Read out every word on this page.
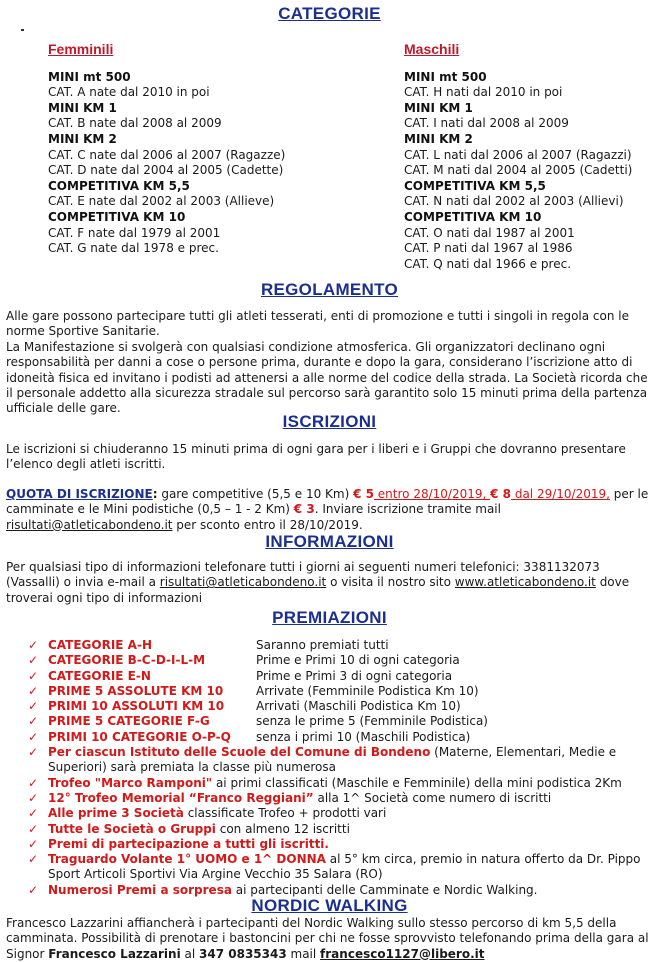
CATEGORIE
Femminili
MINI mt 500
CAT. A nate dal 2010 in poi
MINI KM 1
CAT. B nate dal 2008 al 2009
MINI KM 2
CAT. C nate dal 2006 al 2007 (Ragazze)
CAT. D nate dal 2004 al 2005 (Cadette)
COMPETITIVA KM 5,5
CAT. E nate dal 2002 al 2003 (Allieve)
COMPETITIVA KM 10
CAT. F nate dal 1979 al 2001
CAT. G nate dal 1978 e prec.
Maschili
MINI mt 500
CAT. H nati dal 2010 in poi
MINI KM 1
CAT. I nati dal 2008 al 2009
MINI KM 2
CAT. L nati dal 2006 al 2007 (Ragazzi)
CAT. M nati dal 2004 al 2005 (Cadetti)
COMPETITIVA KM 5,5
CAT. N nati dal 2002 al 2003 (Allievi)
COMPETITIVA KM 10
CAT. O nati dal 1987 al 2001
CAT. P nati dal 1967 al 1986
CAT. Q nati dal 1966 e prec.
REGOLAMENTO

Alle gare possono partecipare tutti gli atleti tesserati, enti di promozione e tutti i singoli in regola con le norme Sportive Sanitarie.

La Manifestazione si svolgerà con qualsiasi condizione atmosferica. Gli organizzatori declinano ogni responsabilità per danni a cose o persone prima, durante e dopo la gara, considerano l’iscrizione atto di idoneità fisica ed invitano i podisti ad attenersi a alle norme del codice della strada. La Società ricorda che il personale addetto alla sicurezza stradale sul percorso sarà garantito solo 15 minuti prima della partenza ufficiale delle gare.

ISCRIZIONI

Le iscrizioni si chiuderanno 15 minuti prima di ogni gara per i liberi e i Gruppi che dovranno presentare l’elenco degli atleti iscritti.

QUOTA DI ISCRIZIONE: gare competitive (5,5 e 10 Km) € 5 entro 28/10/2019, € 8 dal 29/10/2019, per le camminate e le Mini podistiche (0,5 – 1 - 2 Km) € 3. Inviare iscrizione tramite mail risultati@atleticabondeno.it per sconto entro il 28/10/2019.

INFORMAZIONI

Per qualsiasi tipo di informazioni telefonare tutti i giorni ai seguenti numeri telefonici: 3381132073 (Vassalli) o invia e-mail a risultati@atleticabondeno.it o visita il nostro sito www.atleticabondeno.it dove troverai ogni tipo di informazioni

PREMIAZIONI
✓ CATEGORIE A-H	Saranno premiati tutti
✓ CATEGORIE B-C-D-I-L-M	Prime e Primi 10 di ogni categoria
✓ CATEGORIE E-N	Prime e Primi 3 di ogni categoria
✓ PRIME 5 ASSOLUTE KM 10	Arrivate (Femminile Podistica Km 10)
✓ PRIMI 10 ASSOLUTI KM 10	Arrivati (Maschili Podistica Km 10)
✓ PRIME 5 CATEGORIE F-G	senza le prime 5 (Femminile Podistica)
✓ PRIMI 10 CATEGORIE O-P-Q	senza i primi 10 (Maschili Podistica)
✓ Per ciascun Istituto delle Scuole del Comune di Bondeno (Materne, Elementari, Medie e Superiori) sarà premiata la classe più numerosa
✓ Trofeo "Marco Ramponi" ai primi classificati (Maschile e Femminile) della mini podistica 2Km
✓ 12° Trofeo Memorial “Franco Reggiani” alla 1^ Società come numero di iscritti
✓ Alle prime 3 Società classificate Trofeo + prodotti vari
✓ Tutte le Società o Gruppi con almeno 12 iscritti
✓ Premi di partecipazione a tutti gli iscritti.
✓ Traguardo Volante 1° UOMO e 1^ DONNA al 5° km circa, premio in natura offerto da Dr. Pippo Sport Articoli Sportivi Via Argine Vecchio 35 Salara (RO)
✓ Numerosi Premi a sorpresa ai partecipanti delle Camminate e Nordic Walking.
NORDIC WALKING

Francesco Lazzarini affiancherà i partecipanti del Nordic Walking sullo stesso percorso di km 5,5 della camminata. Possibilità di prenotare i bastoncini per chi ne fosse sprovvisto telefonando prima della gara al Signor Francesco Lazzarini al 347 0835343 mail francesco1127@libero.it
